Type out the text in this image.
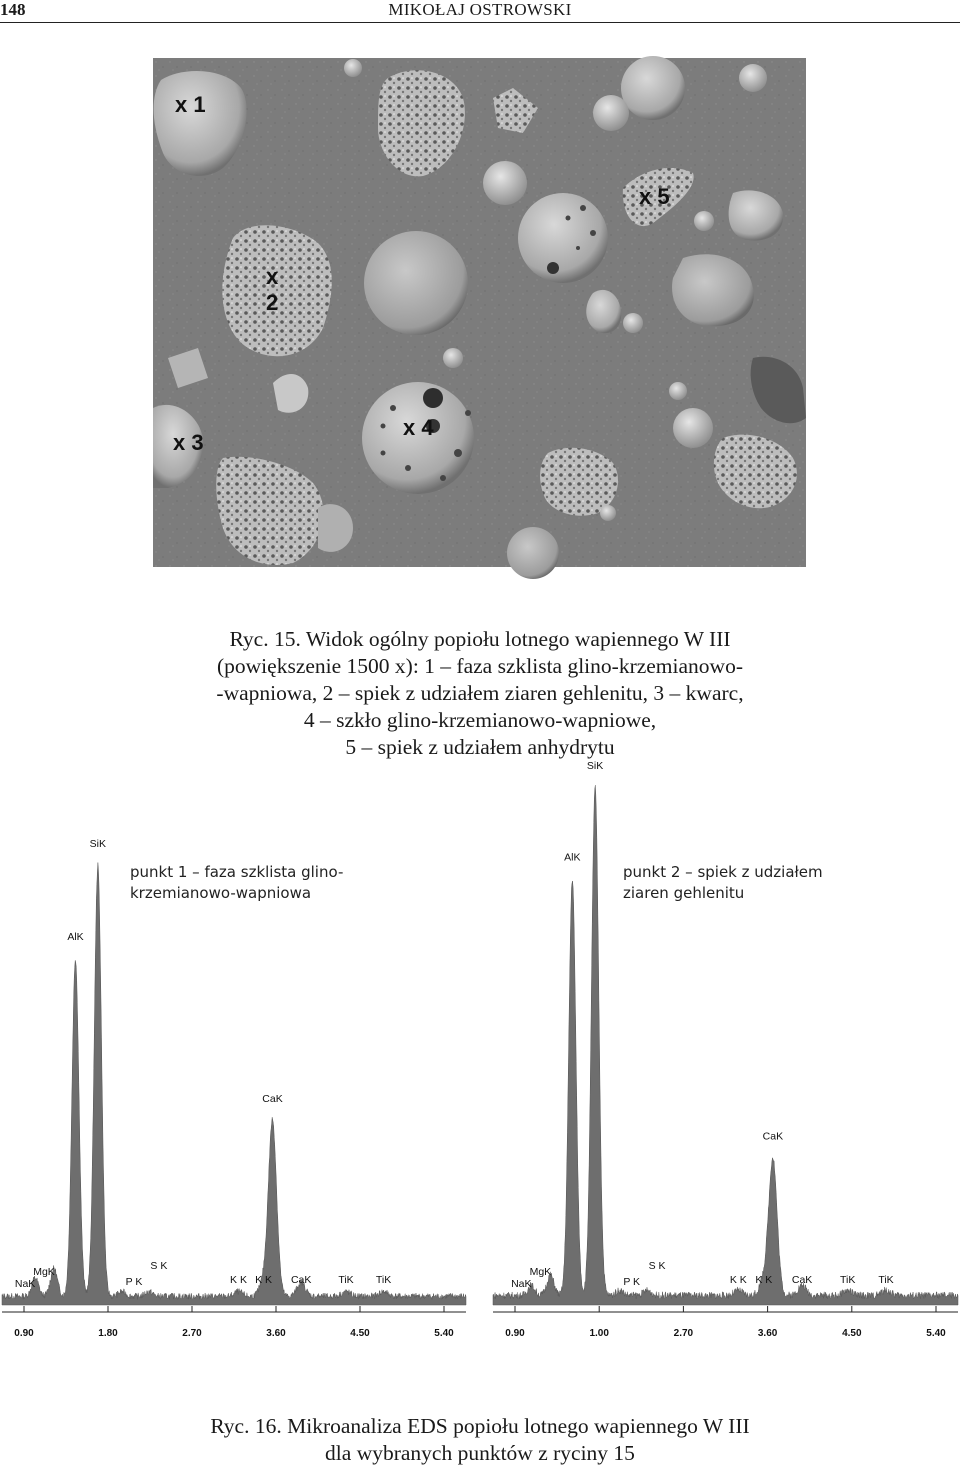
148	MIKOŁAJ OSTROWSKI
x 1
x
2
x 3
x 4
x 5
Ryc. 15. Widok ogólny popiołu lotnego wapiennego W III
(powiększenie 1500 x): 1 – faza szklista glino-krzemianowo-
-wapniowa, 2 – spiek z udziałem ziaren gehlenitu, 3 – kwarc,
4 – szkło glino-krzemianowo-wapniowe,
5 – spiek z udziałem anhydrytu
0.90	1.80	2.70	3.60	4.50	5.40
NaK
MgK
AlK
SiK
P K
S K
K K K K
CaK
CaK	TiK TiK
punkt 1 – faza szklista glino-krzemianowo-wapniowa
0.90	1.00	2.70	3.60	4.50	5.40
NaK
MgK
AlK
SiK
P K
S K
K K K K
CaK
CaK	TiK TiK
punkt 2 – spiek z udziałem ziaren gehlenitu
Ryc. 16. Mikroanaliza EDS popiołu lotnego wapiennego W III
dla wybranych punktów z ryciny 15
